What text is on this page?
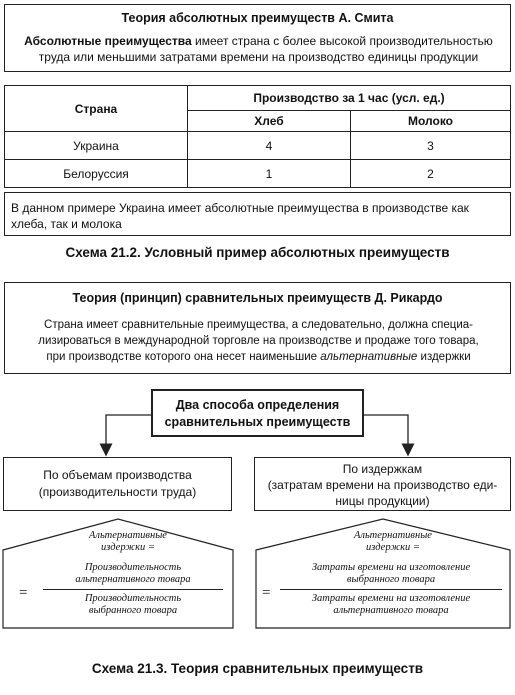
Теория абсолютных преимуществ А. Смита
Абсолютные преимущества имеет страна с более высокой производительностью
труда или меньшими затратами времени на производство единицы продукции
Страна	Производство за 1 час (усл. ед.)	
	Хлеб	Молоко
Украина	4	3
Белоруссия	1	2
В данном примере Украина имеет абсолютные преимущества в производстве как
хлеба, так и молока
Схема 21.2. Условный пример абсолютных преимуществ
Теория (принцип) сравнительных преимуществ Д. Рикардо
Страна имеет сравнительные преимущества, а следовательно, должна специа-
лизироваться в международной торговле на производстве и продаже того товара,
при производстве которого она несет наименьшие альтернативные издержки
Два способа определения
сравнительных преимуществ
По объемам производства
(производительности труда)
По издержкам
(затратам времени на производство еди-
ницы продукции)
Альтернативные
издержки =
=
Производительность
альтернативного товара
Производительность
выбранного товара
Альтернативные
издержки =
=
Затраты времени на изготовление
выбранного товара
Затраты времени на изготовление
альтернативного товара
Схема 21.3. Теория сравнительных преимуществ
